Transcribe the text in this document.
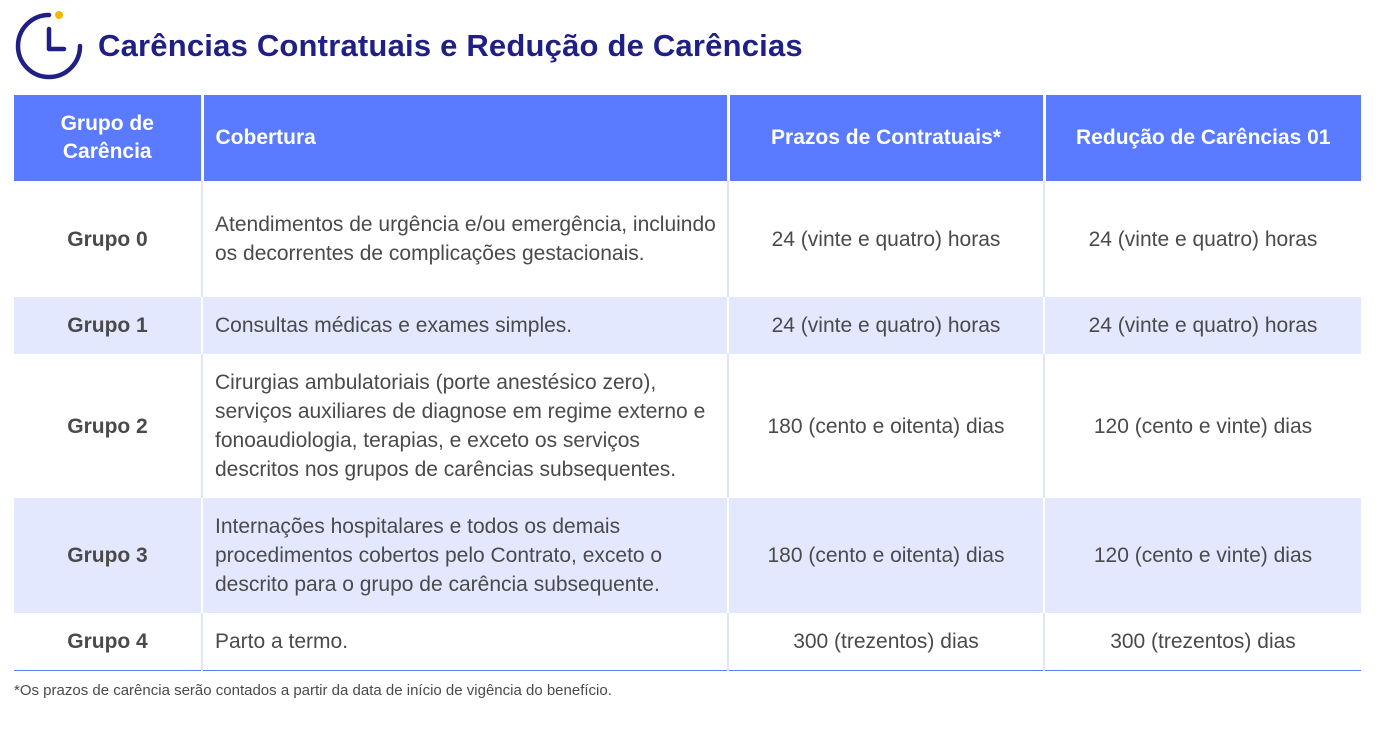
Carências Contratuais e Redução de Carências
Grupo de Carência	Cobertura	Prazos de Contratuais*	Redução de Carências 01
Grupo 0	Atendimentos de urgência e/ou emergência, incluindo os decorrentes de complicações gestacionais.	24 (vinte e quatro) horas	24 (vinte e quatro) horas
Grupo 1	Consultas médicas e exames simples.	24 (vinte e quatro) horas	24 (vinte e quatro) horas
Grupo 2	Cirurgias ambulatoriais (porte anestésico zero), serviços auxiliares de diagnose em regime externo e fonoaudiologia, terapias, e exceto os serviços descritos nos grupos de carências subsequentes.	180 (cento e oitenta) dias	120 (cento e vinte) dias
Grupo 3	Internações hospitalares e todos os demais procedimentos cobertos pelo Contrato, exceto o descrito para o grupo de carência subsequente.	180 (cento e oitenta) dias	120 (cento e vinte) dias
Grupo 4	Parto a termo.	300 (trezentos) dias	300 (trezentos) dias
*Os prazos de carência serão contados a partir da data de início de vigência do benefício.
